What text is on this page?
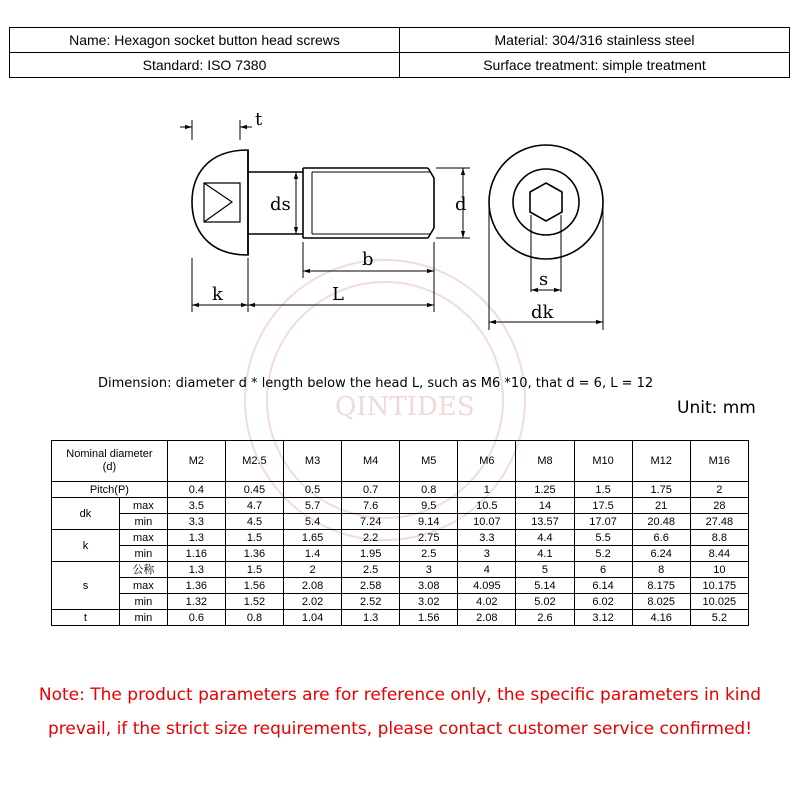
QINTIDES
Name: Hexagon socket button head screws	Material: 304/316 stainless steel
Standard: ISO 7380	Surface treatment: simple treatment
t
ds	d
b
k	L
s
dk
Dimension: diameter d * length below the head L, such as M6 *10, that d = 6, L = 12
Unit: mm
Nominal diameter
(d)		M2	M2.5	M3	M4	M5	M6	M8	M10	M12	M16
Pitch(P)		0.4	0.45	0.5	0.7	0.8	1	1.25	1.5	1.75	2
dk	max	3.5	4.7	5.7	7.6	9.5	10.5	14	17.5	21	28
	min	3.3	4.5	5.4	7.24	9.14	10.07	13.57	17.07	20.48	27.48
k	max	1.3	1.5	1.65	2.2	2.75	3.3	4.4	5.5	6.6	8.8
	min	1.16	1.36	1.4	1.95	2.5	3	4.1	5.2	6.24	8.44
s	公称	1.3	1.5	2	2.5	3	4	5	6	8	10
	max	1.36	1.56	2.08	2.58	3.08	4.095	5.14	6.14	8.175	10.175
	min	1.32	1.52	2.02	2.52	3.02	4.02	5.02	6.02	8.025	10.025
t	min	0.6	0.8	1.04	1.3	1.56	2.08	2.6	3.12	4.16	5.2
Note: The product parameters are for reference only, the specific parameters in kind prevail, if the strict size requirements, please contact customer service confirmed!
